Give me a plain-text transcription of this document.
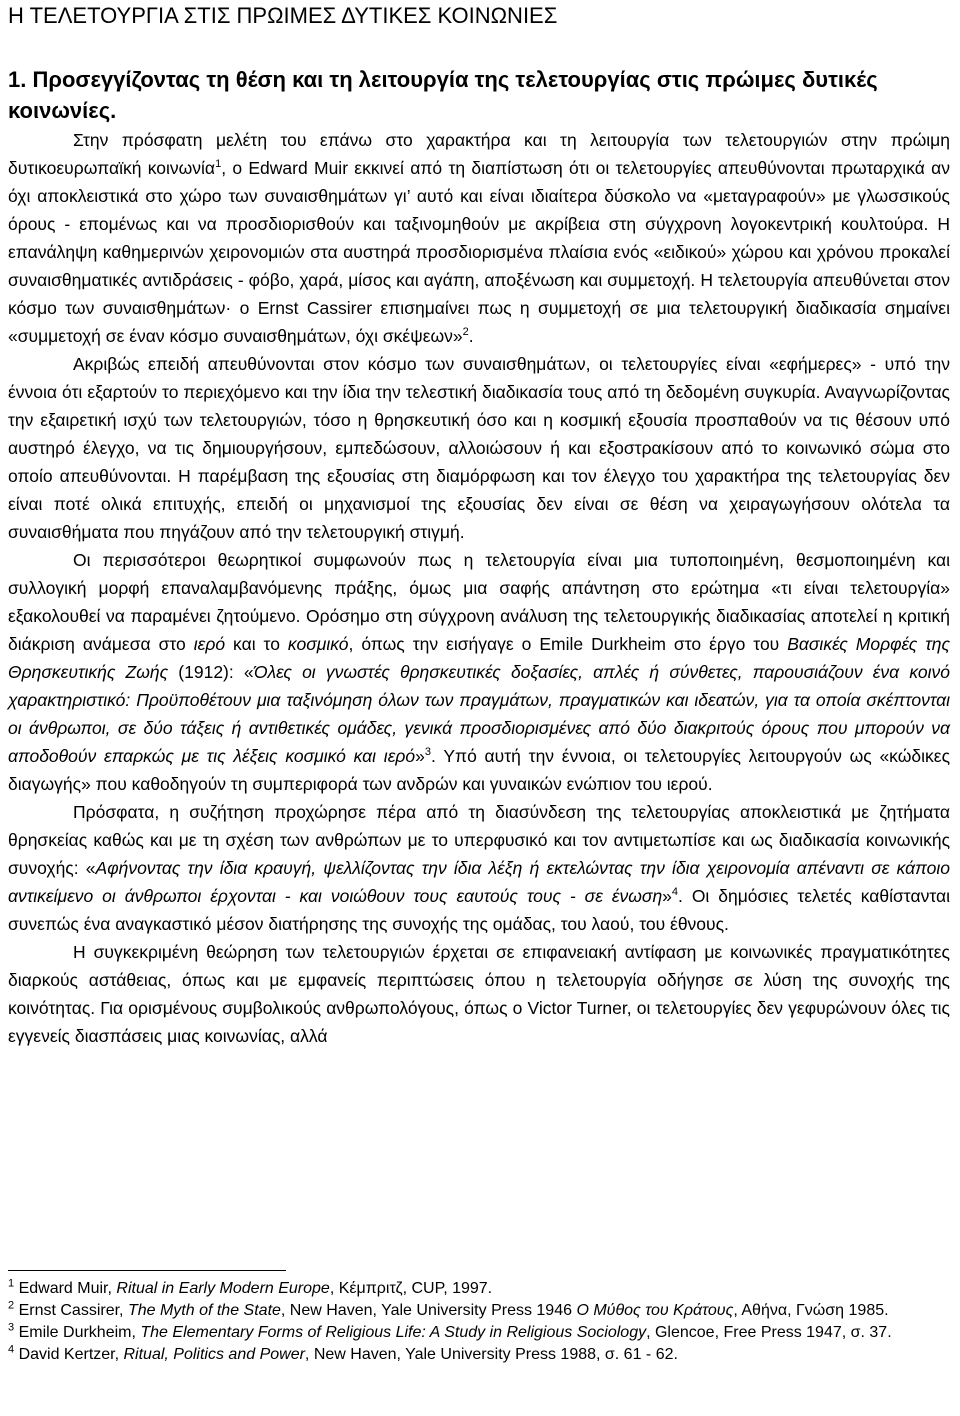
Η ΤΕΛΕΤΟΥΡΓΙΑ ΣΤΙΣ ΠΡΩΙΜΕΣ ΔΥΤΙΚΕΣ ΚΟΙΝΩΝΙΕΣ
1. Προσεγγίζοντας τη θέση και τη λειτουργία της τελετουργίας στις πρώιμες δυτικές κοινωνίες.

Στην πρόσφατη μελέτη του επάνω στο χαρακτήρα και τη λειτουργία των τελετουργιών στην πρώιμη δυτικοευρωπαϊκή κοινωνία$^1$, ο Edward Muir εκκινεί από τη διαπίστωση ότι οι τελετουργίες απευθύνονται πρωταρχικά αν όχι αποκλειστικά στο χώρο των συναισθημάτων γι’ αυτό και είναι ιδιαίτερα δύσκολο να «μεταγραφούν» με γλωσσικούς όρους - επομένως και να προσδιορισθούν και ταξινομηθούν με ακρίβεια στη σύγχρονη λογοκεντρική κουλτούρα. Η επανάληψη καθημερινών χειρονομιών στα αυστηρά προσδιορισμένα πλαίσια ενός «ειδικού» χώρου και χρόνου προκαλεί συναισθηματικές αντιδράσεις - φόβο, χαρά, μίσος και αγάπη, αποξένωση και συμμετοχή. Η τελετουργία απευθύνεται στον κόσμο των συναισθημάτων· ο Ernst Cassirer επισημαίνει πως η συμμετοχή σε μια τελετουργική διαδικασία σημαίνει «συμμετοχή σε έναν κόσμο συναισθημάτων, όχι σκέψεων»$^2$.

Ακριβώς επειδή απευθύνονται στον κόσμο των συναισθημάτων, οι τελετουργίες είναι «εφήμερες» - υπό την έννοια ότι εξαρτούν το περιεχόμενο και την ίδια την τελεστική διαδικασία τους από τη δεδομένη συγκυρία. Αναγνωρίζοντας την εξαιρετική ισχύ των τελετουργιών, τόσο η θρησκευτική όσο και η κοσμική εξουσία προσπαθούν να τις θέσουν υπό αυστηρό έλεγχο, να τις δημιουργήσουν, εμπεδώσουν, αλλοιώσουν ή και εξοστρακίσουν από το κοινωνικό σώμα στο οποίο απευθύνονται. Η παρέμβαση της εξουσίας στη διαμόρφωση και τον έλεγχο του χαρακτήρα της τελετουργίας δεν είναι ποτέ ολικά επιτυχής, επειδή οι μηχανισμοί της εξουσίας δεν είναι σε θέση να χειραγωγήσουν ολότελα τα συναισθήματα που πηγάζουν από την τελετουργική στιγμή.

Οι περισσότεροι θεωρητικοί συμφωνούν πως η τελετουργία είναι μια τυποποιημένη, θεσμοποιημένη και συλλογική μορφή επαναλαμβανόμενης πράξης, όμως μια σαφής απάντηση στο ερώτημα «τι είναι τελετουργία» εξακολουθεί να παραμένει ζητούμενο. Ορόσημο στη σύγχρονη ανάλυση της τελετουργικής διαδικασίας αποτελεί η κριτική διάκριση ανάμεσα στο ιερό και το κοσμικό, όπως την εισήγαγε ο Emile Durkheim στο έργο του Βασικές Μορφές της Θρησκευτικής Ζωής (1912): «Όλες οι γνωστές θρησκευτικές δοξασίες, απλές ή σύνθετες, παρουσιάζουν ένα κοινό χαρακτηριστικό: Προϋποθέτουν μια ταξινόμηση όλων των πραγμάτων, πραγματικών και ιδεατών, για τα οποία σκέπτονται οι άνθρωποι, σε δύο τάξεις ή αντιθετικές ομάδες, γενικά προσδιορισμένες από δύο διακριτούς όρους που μπορούν να αποδοθούν επαρκώς με τις λέξεις κοσμικό και ιερό»$^3$. Υπό αυτή την έννοια, οι τελετουργίες λειτουργούν ως «κώδικες διαγωγής» που καθοδηγούν τη συμπεριφορά των ανδρών και γυναικών ενώπιον του ιερού.

Πρόσφατα, η συζήτηση προχώρησε πέρα από τη διασύνδεση της τελετουργίας αποκλειστικά με ζητήματα θρησκείας καθώς και με τη σχέση των ανθρώπων με το υπερφυσικό και τον αντιμετωπίσε και ως διαδικασία κοινωνικής συνοχής: «Αφήνοντας την ίδια κραυγή, ψελλίζοντας την ίδια λέξη ή εκτελώντας την ίδια χειρονομία απέναντι σε κάποιο αντικείμενο οι άνθρωποι έρχονται - και νοιώθουν τους εαυτούς τους - σε ένωση»$^4$. Οι δημόσιες τελετές καθίστανται συνεπώς ένα αναγκαστικό μέσον διατήρησης της συνοχής της ομάδας, του λαού, του έθνους.

Η συγκεκριμένη θεώρηση των τελετουργιών έρχεται σε επιφανειακή αντίφαση με κοινωνικές πραγματικότητες διαρκούς αστάθειας, όπως και με εμφανείς περιπτώσεις όπου η τελετουργία οδήγησε σε λύση της συνοχής της κοινότητας. Για ορισμένους συμβολικούς ανθρωπολόγους, όπως ο Victor Turner, οι τελετουργίες δεν γεφυρώνουν όλες τις εγγενείς διασπάσεις μιας κοινωνίας, αλλά

$^1$ Edward Muir, Ritual in Early Modern Europe, Κέμπριτζ, CUP, 1997.

$^2$ Ernst Cassirer, The Myth of the State, New Haven, Yale University Press 1946 Ο Μύθος του Κράτους, Αθήνα, Γνώση 1985.

$^3$ Emile Durkheim, The Elementary Forms of Religious Life: A Study in Religious Sociology, Glencoe, Free Press 1947, σ. 37.

$^4$ David Kertzer, Ritual, Politics and Power, New Haven, Yale University Press 1988, σ. 61 - 62.
